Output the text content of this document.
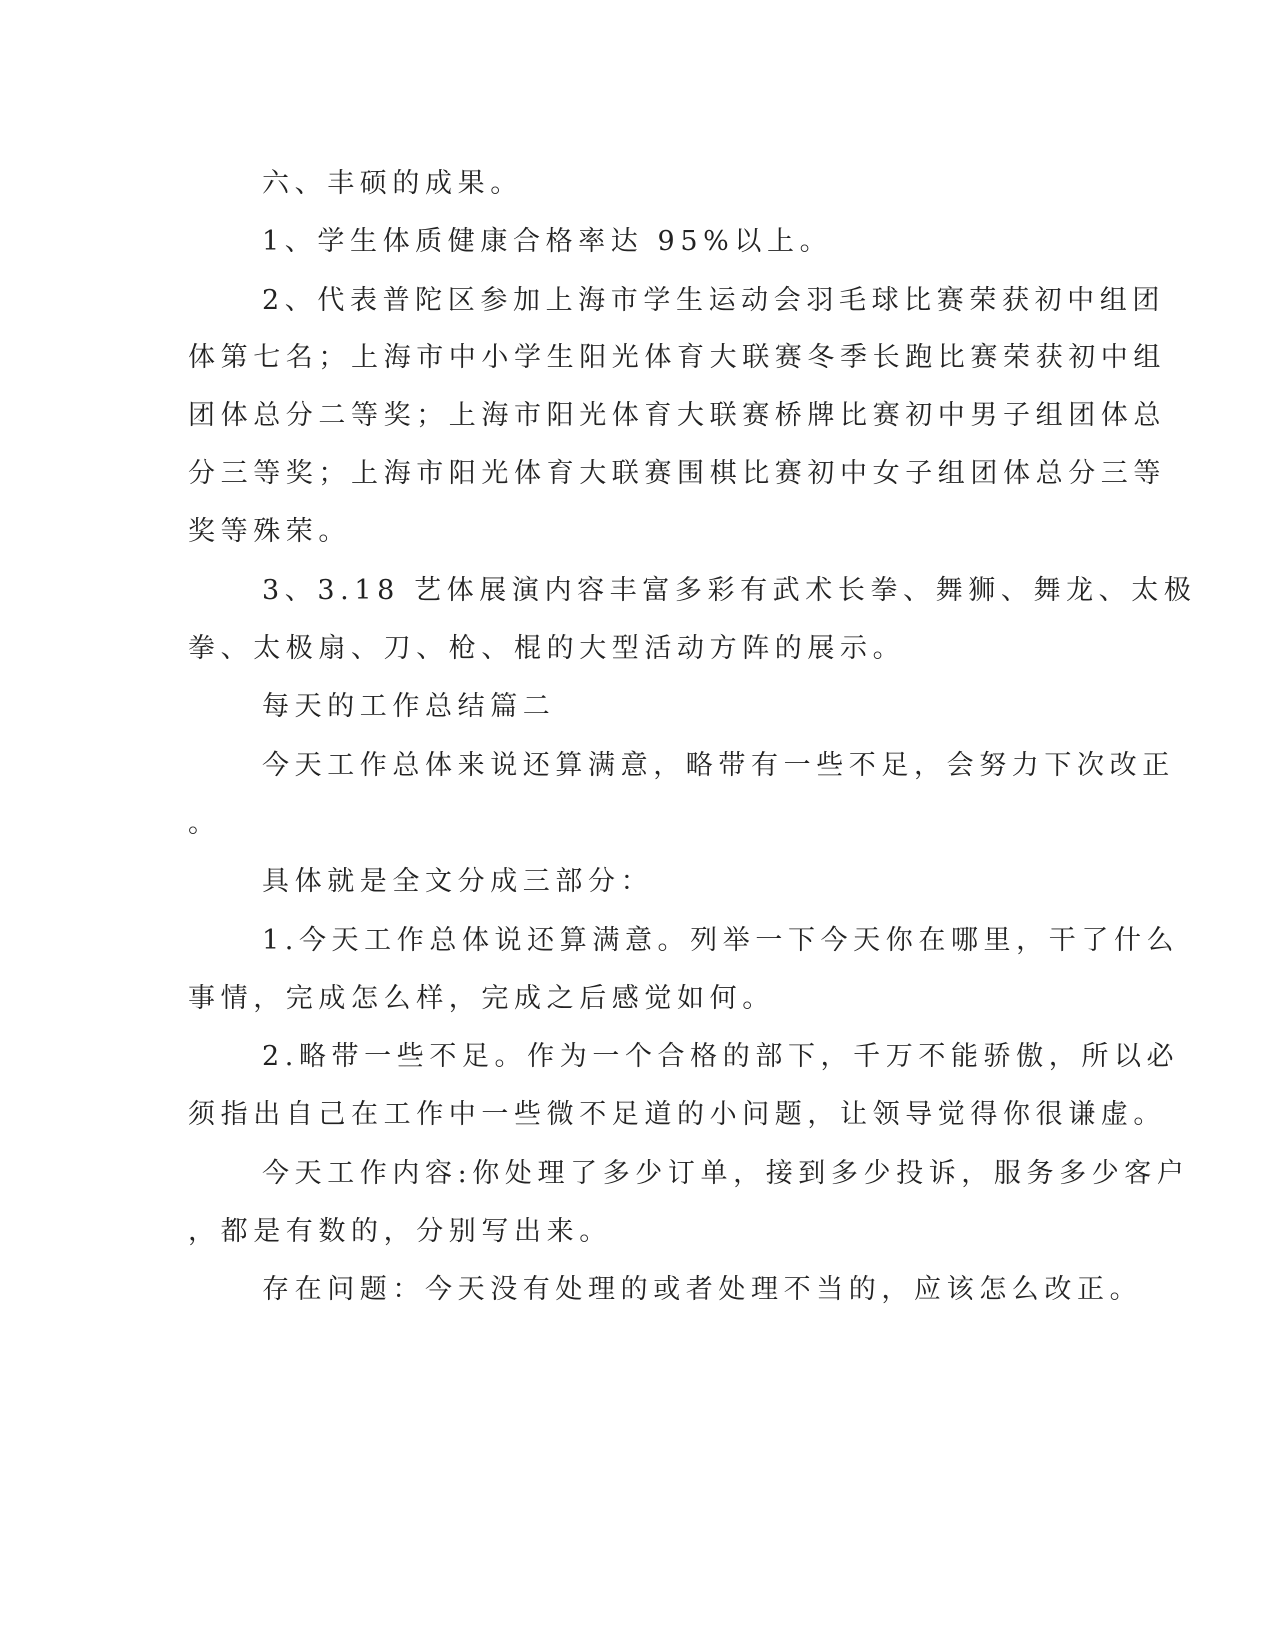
六、丰硕的成果。

1、学生体质健康合格率达 95%以上。

2、代表普陀区参加上海市学生运动会羽毛球比赛荣获初中组团

体第七名；上海市中小学生阳光体育大联赛冬季长跑比赛荣获初中组

团体总分二等奖；上海市阳光体育大联赛桥牌比赛初中男子组团体总

分三等奖；上海市阳光体育大联赛围棋比赛初中女子组团体总分三等

奖等殊荣。

3、3.18 艺体展演内容丰富多彩有武术长拳、舞狮、舞龙、太极

拳、太极扇、刀、枪、棍的大型活动方阵的展示。

每天的工作总结篇二

今天工作总体来说还算满意，略带有一些不足，会努力下次改正

。

具体就是全文分成三部分：

1.今天工作总体说还算满意。列举一下今天你在哪里，干了什么

事情，完成怎么样，完成之后感觉如何。

2.略带一些不足。作为一个合格的部下，千万不能骄傲，所以必

须指出自己在工作中一些微不足道的小问题，让领导觉得你很谦虚。

今天工作内容:你处理了多少订单，接到多少投诉，服务多少客户

，都是有数的，分别写出来。

存在问题：今天没有处理的或者处理不当的，应该怎么改正。
